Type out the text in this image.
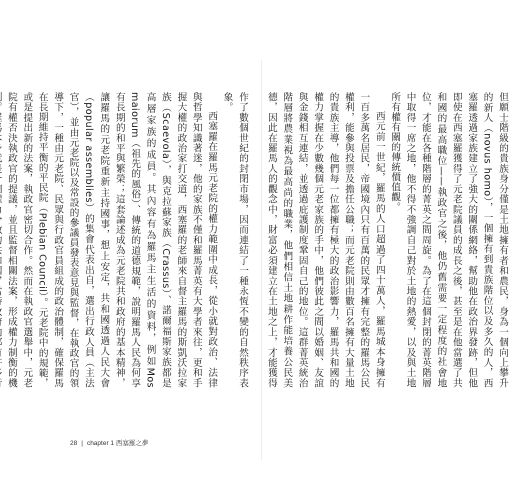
作了數個世紀的封閉市場，因而連結了一種永恆不變的自然秩序表象。

西塞羅在羅馬元老院的權力範圍中成長，從小就對政治、法律與哲學知識著迷，他的家族不僅和羅馬菁英有大學者來往，更和手握大權的政治家打交道，西塞羅的老師來自督主羅馬的斯凱沃拉家族（Scaevola），與克拉蘇家族（Crassus）、諾爾福斯家族都是高層家族的成員。其內容有為羅馬主生活的資料，例如Mos maiorum（祖先的風俗）、傳統的道德規範，說明羅馬人民為何享有長期的和平與繁榮；這套論述成為元老院共和政府的基本精神，讓羅馬的元老院重新主持國事，想上安定，共和國透過人民大會（popular assemblies）的集會代表出自，選出行政人員（主法官），並由元老院以及常設的參議員發表意見與監督，在執政官的領導下，一種由元老院、民眾與行政官員組成的政治體制，確保羅馬在長期維持平衡的平民院（Plebian Council）。元老院中的規範，或是提出新的法案，執政官密切合作。然而在執政官選舉中，元老院有權否決執政官的提議，並且監督相關法案，形成權力制衡的機

28 | chapter 1 西塞羅之夢

但願士階級的貴族身分僅是土地擁有者和農民，身為一個向上攀升的新人（novus homo），一個擁有到貴族階位以及多久的人，西塞羅透過家族建立了強大的關係網絡，幫助他在政治界發跡，但他即使在西塞羅獲得了元老院議員的成長之後，甚至是在他當選了共和國的最高職位——執政官之後，他仍舊需要一定程度的社會地位，才能在各種階層的菁英之間周旋。為了在這個封閉的菁英階層中取得一席之地，他不得不強調自己對於土地的熱愛，以及與土地所有權有關的傳統價值觀。

西元前一世紀，羅馬的人口超過了四十萬人，羅馬城本身擁有一百多萬名居民，帝國境內只有百萬的民眾才擁有完整的羅馬公民權利，能參與投票及擔任公職；而元老院則由數百名擁有大量土地的貴族主導，他們每一位都擁有極大的政治影響力，羅馬共和國的權力掌握在少數幾個元老家族的手中，他們彼此之間以婚姻、友誼與金錢相互連結，並透過庇護制度鞏固自己的地位。這群菁英統治階層將農業視為最高尚的職業，他們相信土地耕作能培養公民美德，因此在羅馬人的觀念中，財富必須建立在土地之上，才能獲得
